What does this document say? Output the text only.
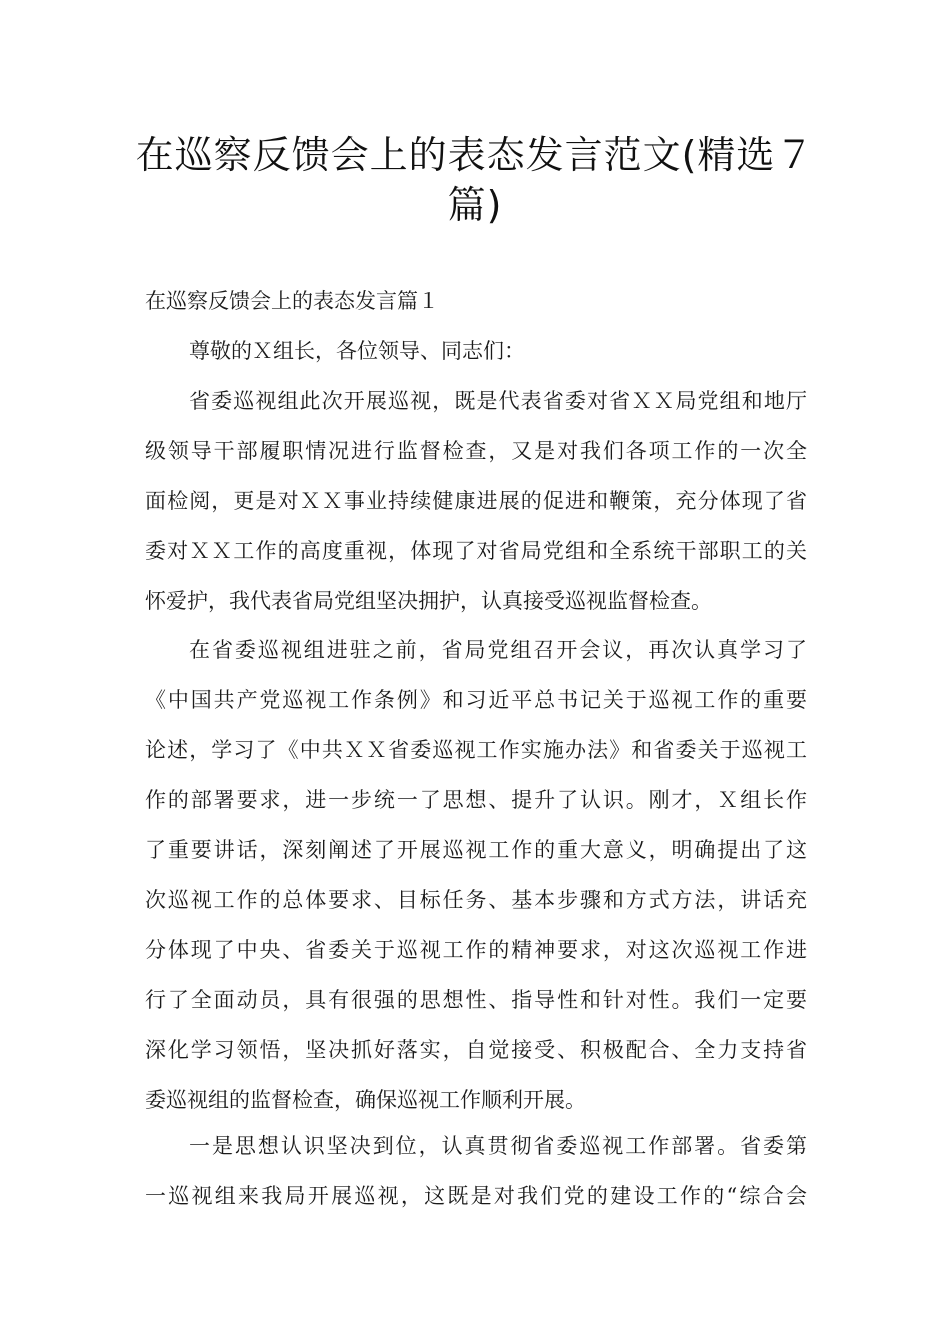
在巡察反馈会上的表态发言范文(精选７
篇)
在巡察反馈会上的表态发言篇１
尊敬的Ｘ组长，各位领导、同志们：
省委巡视组此次开展巡视，既是代表省委对省ＸＸ局党组和地厅
级领导干部履职情况进行监督检查，又是对我们各项工作的一次全
面检阅，更是对ＸＸ事业持续健康进展的促进和鞭策，充分体现了省
委对ＸＸ工作的高度重视，体现了对省局党组和全系统干部职工的关
怀爱护，我代表省局党组坚决拥护，认真接受巡视监督检查。
在省委巡视组进驻之前，省局党组召开会议，再次认真学习了
《中国共产党巡视工作条例》和习近平总书记关于巡视工作的重要
论述，学习了《中共ＸＸ省委巡视工作实施办法》和省委关于巡视工
作的部署要求，进一步统一了思想、提升了认识。刚才，Ｘ组长作
了重要讲话，深刻阐述了开展巡视工作的重大意义，明确提出了这
次巡视工作的总体要求、目标任务、基本步骤和方式方法，讲话充
分体现了中央、省委关于巡视工作的精神要求，对这次巡视工作进
行了全面动员，具有很强的思想性、指导性和针对性。我们一定要
深化学习领悟，坚决抓好落实，自觉接受、积极配合、全力支持省
委巡视组的监督检查，确保巡视工作顺利开展。
一是思想认识坚决到位，认真贯彻省委巡视工作部署。省委第
一巡视组来我局开展巡视，这既是对我们党的建设工作的“综合会
